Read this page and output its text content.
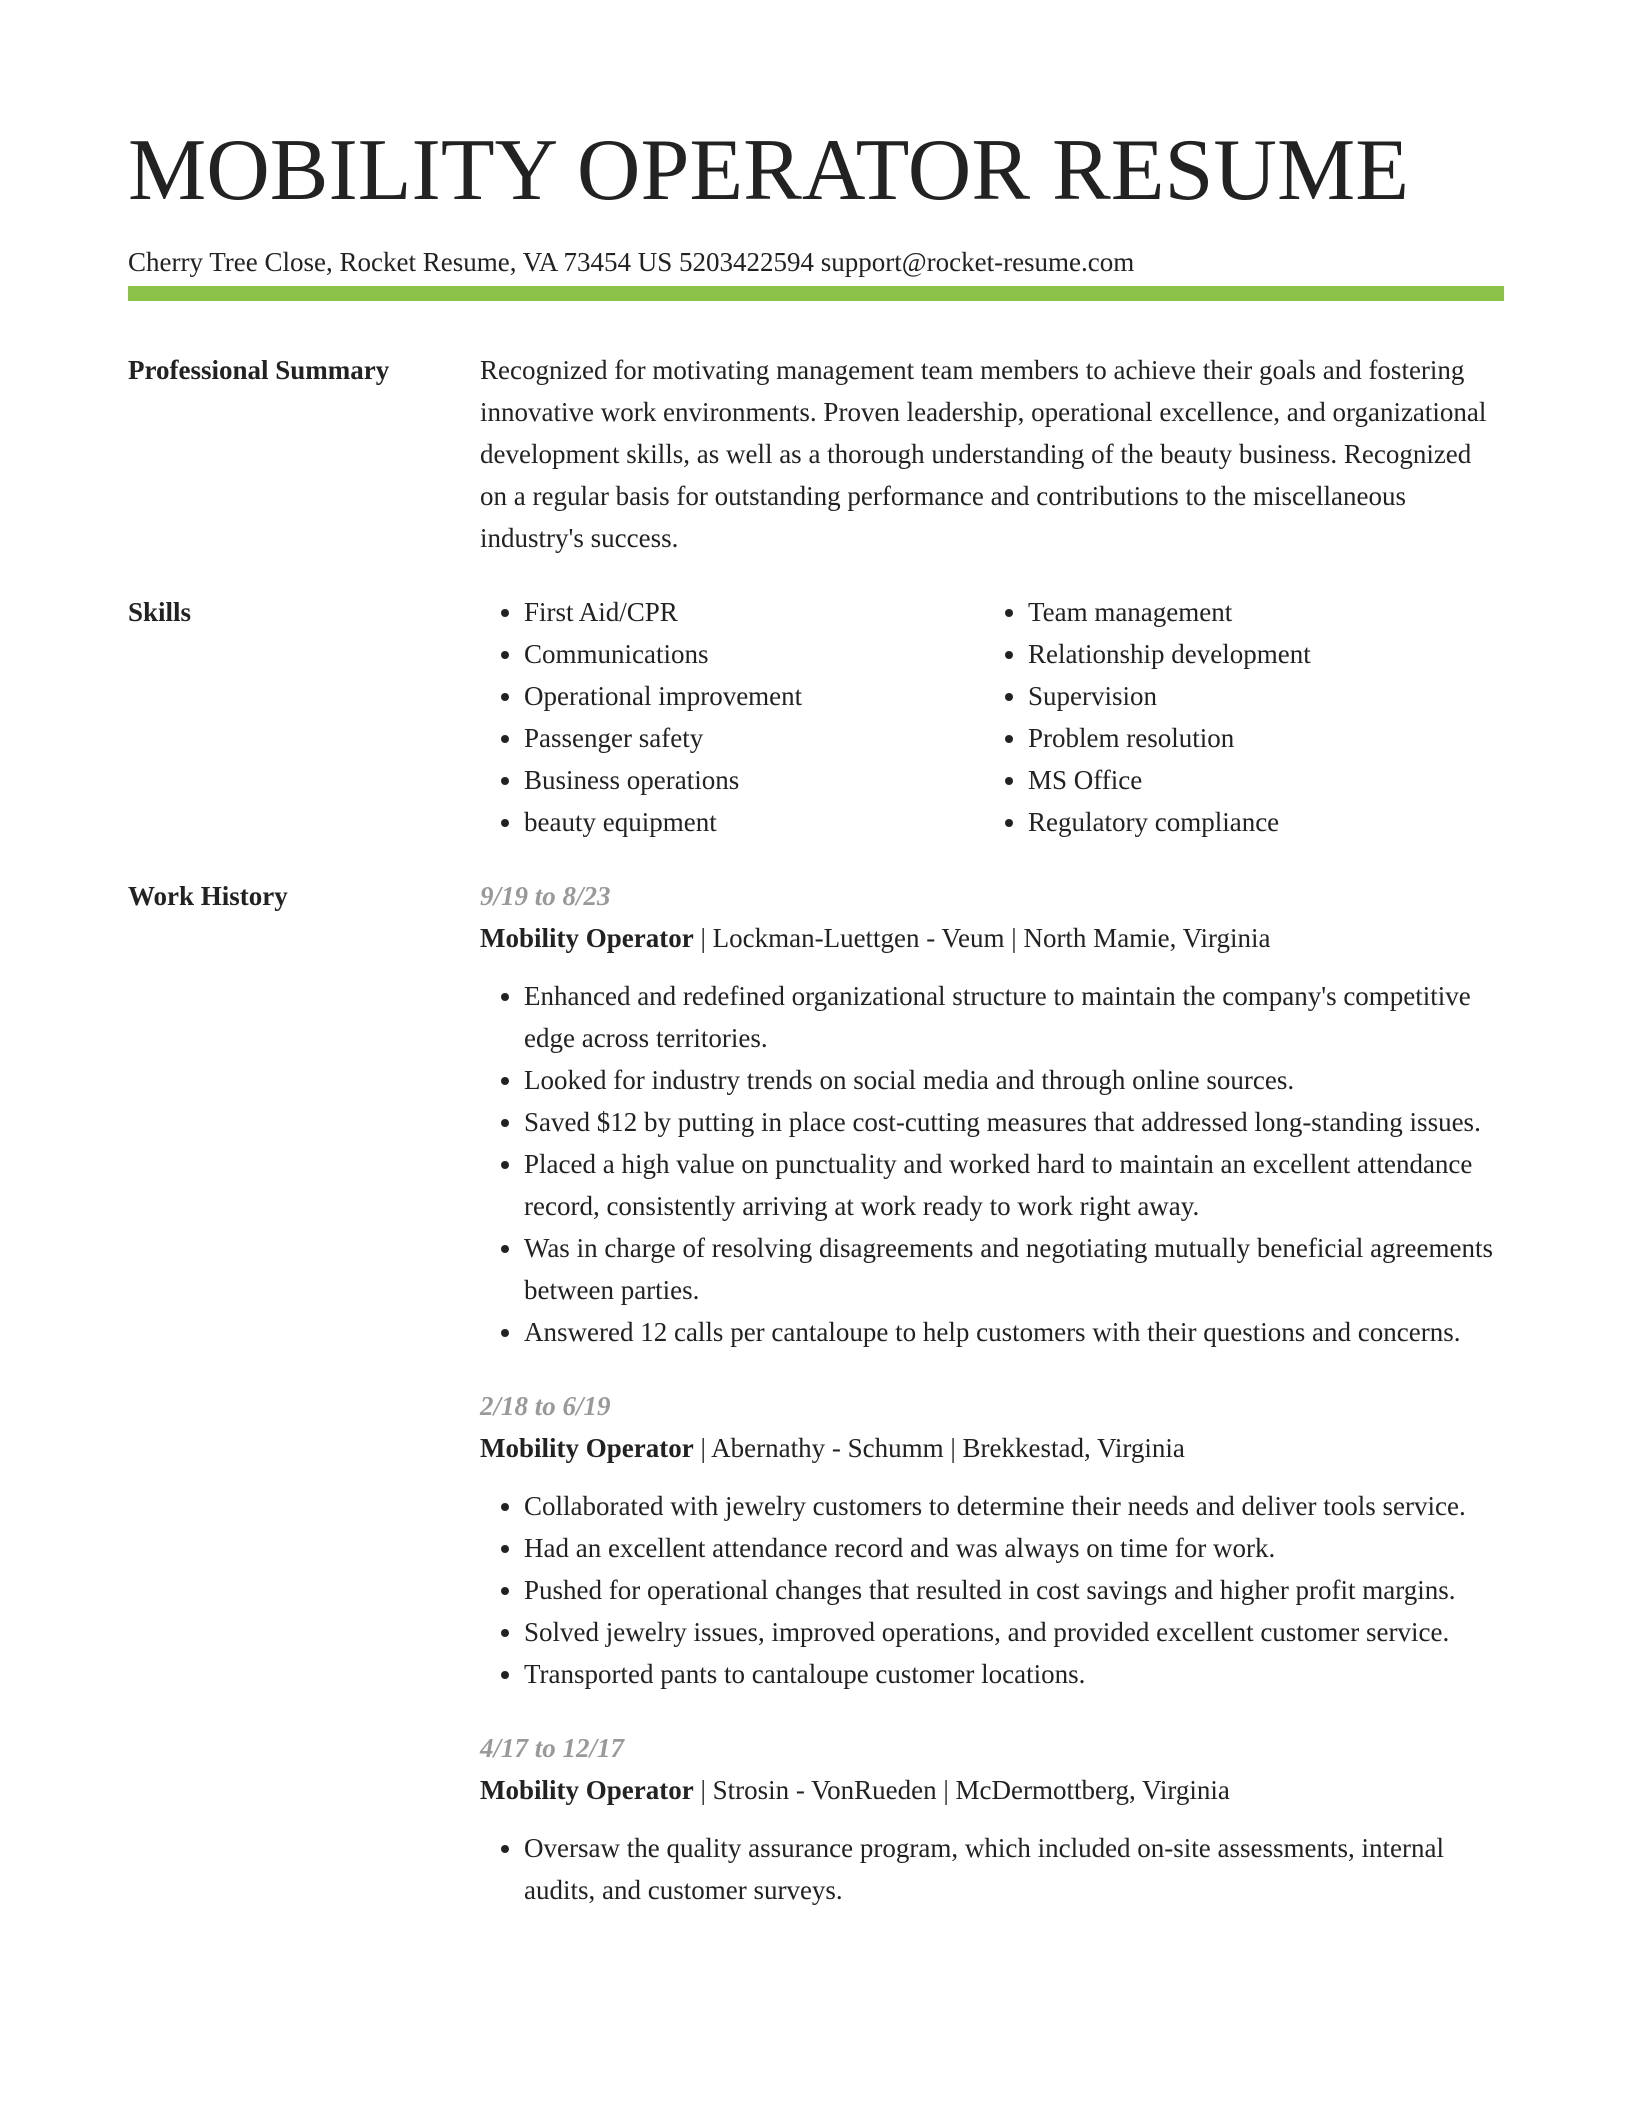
MOBILITY OPERATOR RESUME
Cherry Tree Close, Rocket Resume, VA 73454 US 5203422594 support@rocket-resume.com
Professional Summary	Recognized for motivating management team members to achieve their goals and fostering innovative work environments. Proven leadership, operational excellence, and organizational development skills, as well as a thorough understanding of the beauty business. Recognized on a regular basis for outstanding performance and contributions to the miscellaneous industry's success.

Skills
•	First Aid/CPR
• Communications
• Operational improvement
• Passenger safety
• Business operations
• beauty equipment
• Team management
• Relationship development
• Supervision
• Problem resolution
• MS Office
• Regulatory compliance
Work History	9/19 to 8/23
Mobility Operator | Lockman-Luettgen - Veum | North Mamie, Virginia
• Enhanced and redefined organizational structure to maintain the company's competitive edge across territories.
• Looked for industry trends on social media and through online sources.
• Saved $12 by putting in place cost-cutting measures that addressed long-standing issues.
• Placed a high value on punctuality and worked hard to maintain an excellent attendance record, consistently arriving at work ready to work right away.
• Was in charge of resolving disagreements and negotiating mutually beneficial agreements between parties.
• Answered 12 calls per cantaloupe to help customers with their questions and concerns.
2/18 to 6/19
Mobility Operator | Abernathy - Schumm | Brekkestad, Virginia
• Collaborated with jewelry customers to determine their needs and deliver tools service.
• Had an excellent attendance record and was always on time for work.
• Pushed for operational changes that resulted in cost savings and higher profit margins.
• Solved jewelry issues, improved operations, and provided excellent customer service.
• Transported pants to cantaloupe customer locations.
4/17 to 12/17
Mobility Operator | Strosin - VonRueden | McDermottberg, Virginia
• Oversaw the quality assurance program, which included on-site assessments, internal audits, and customer surveys.
